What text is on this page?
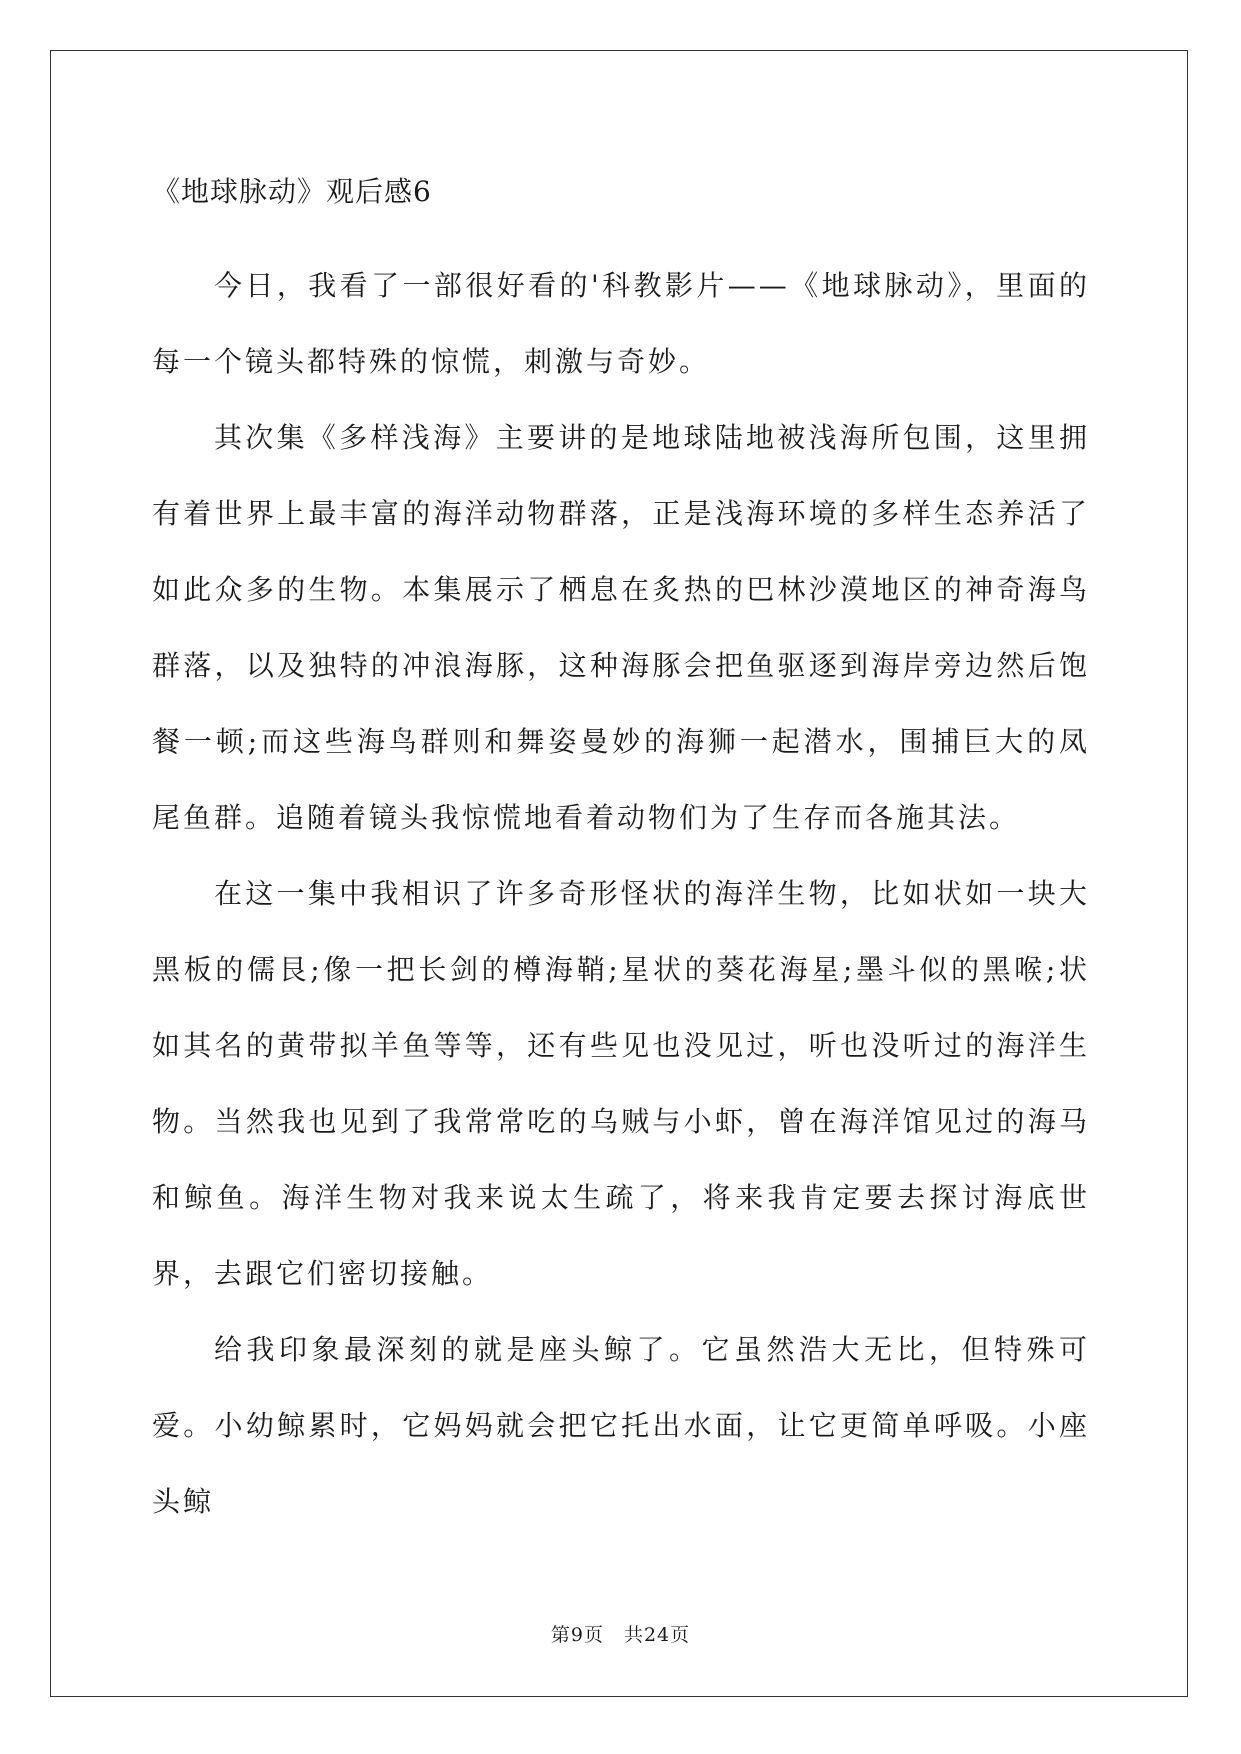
《地球脉动》观后感6

今日，我看了一部很好看的'科教影片——《地球脉动》，里面的每一个镜头都特殊的惊慌，刺激与奇妙。

其次集《多样浅海》主要讲的是地球陆地被浅海所包围，这里拥有着世界上最丰富的海洋动物群落，正是浅海环境的多样生态养活了如此众多的生物。本集展示了栖息在炙热的巴林沙漠地区的神奇海鸟群落，以及独特的冲浪海豚，这种海豚会把鱼驱逐到海岸旁边然后饱餐一顿;而这些海鸟群则和舞姿曼妙的海狮一起潜水，围捕巨大的凤尾鱼群。追随着镜头我惊慌地看着动物们为了生存而各施其法。

在这一集中我相识了许多奇形怪状的海洋生物，比如状如一块大黑板的儒艮;像一把长剑的樽海鞘;星状的葵花海星;墨斗似的黑喉;状如其名的黄带拟羊鱼等等，还有些见也没见过，听也没听过的海洋生物。当然我也见到了我常常吃的乌贼与小虾，曾在海洋馆见过的海马和鲸鱼。海洋生物对我来说太生疏了，将来我肯定要去探讨海底世界，去跟它们密切接触。

给我印象最深刻的就是座头鲸了。它虽然浩大无比，但特殊可爱。小幼鲸累时，它妈妈就会把它托出水面，让它更简单呼吸。小座头鲸

第9页　共24页
